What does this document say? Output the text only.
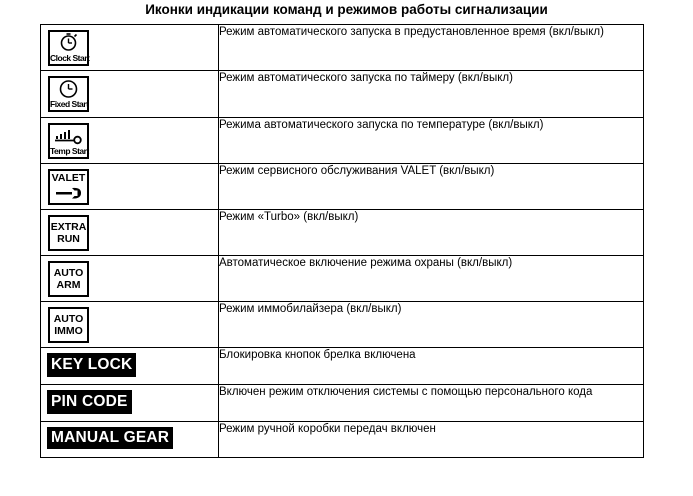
Иконки индикации команд и режимов работы сигнализации
Clock Start	Режим автоматического запуска в предустановленное время (вкл/выкл)

Fixed Start	Режим автоматического запуска по таймеру (вкл/выкл)

Temp Start	Режима автоматического запуска по температуре (вкл/выкл)

VALET	Режим сервисного обслуживания VALET (вкл/выкл)

EXTRA
RUN	Режим «Turbo» (вкл/выкл)

AUTO
ARM	Автоматическое включение режима охраны (вкл/выкл)

AUTO
IMMO	Режим иммобилайзера (вкл/выкл)

KEY LOCK	Блокировка кнопок брелка включена

PIN CODE	Включен режим отключения системы с помощью персонального кода

MANUAL GEAR	Режим ручной коробки передач включен
